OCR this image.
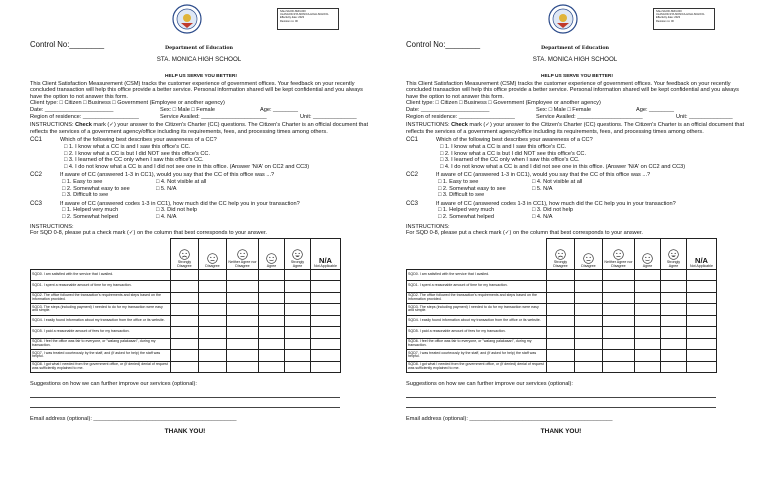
SAH-SGOD-SMN-000
ULASGOD-STA.MONICA-HIGH-SCHOOL
Effectivity date: 2023
Revision no: 00
Control No:________	Department of Education
STA. MONICA HIGH SCHOOL
HELP US SERVE YOU BETTER!

This Client Satisfaction Measurement (CSM) tracks the customer experience of government offices. Your feedback on your recently concluded transaction will help this office provide a better service. Personal information shared will be kept confidential and you always have the option to not answer this form.

Client type: □ Citizen □ Business □ Government (Employee or another agency)
Date: ______________________	Sex: □ Male □ Female	Age: ________
Region of residence: __________________	Service Availed: _____________________	Unit: ______________

INSTRUCTIONS: Check mark (✓) your answer to the Citizen's Charter (CC) questions. The Citizen's Charter is an official document that reflects the services of a government agency/office including its requirements, fees, and processing times among others.

CC1	Which of the following best describes your awareness of a CC?
□ 1. I know what a CC is and I saw this office's CC.
□ 2. I know what a CC is but I did NOT see this office's CC.
□ 3. I learned of the CC only when I saw this office's CC.
□ 4. I do not know what a CC is and I did not see one in this office. (Answer 'N/A' on CC2 and CC3)
CC2	If aware of CC (answered 1-3 in CC1), would you say that the CC of this office was ...?
□ 1. Easy to see	□ 4. Not visible at all
□ 2. Somewhat easy to see	□ 5. N/A
□ 3. Difficult to see
CC3	If aware of CC (answered codes 1-3 in CC1), how much did the CC help you in your transaction?
□ 1. Helped very much	□ 3. Did not help
□ 2. Somewhat helped	□ 4. N/A
INSTRUCTIONS:
For SQD 0-8, please put a check mark (✓) on the column that best corresponds to your answer.

Strongly Disagree	Disagree	Neither Agree nor Disagree	Agree	Strongly Agree	N/A
Not Applicable
SQD0. I am satisfied with the service that I availed.						
SQD1. I spent a reasonable amount of time for my transaction.						
SQD2. The office followed the transaction's requirements and steps based on the information provided.						
SQD3. The steps (including payment) I needed to do for my transaction were easy and simple.						
SQD4. I easily found information about my transaction from the office or its website.						
SQD5. I paid a reasonable amount of fees for my transaction.						
SQD6. I feel the office was fair to everyone, or "walang palakasan", during my transaction.						
SQD7. I was treated courteously by the staff, and (if asked for help) the staff was helpful.						
SQD8. I got what I needed from the government office, or (if denied) denial of request was sufficiently explained to me.						
Suggestions on how we can further improve our services (optional):
Email address (optional): ______________________________________________
THANK YOU!
SAH-SGOD-SMN-000
ULASGOD-STA.MONICA-HIGH-SCHOOL
Effectivity date: 2023
Revision no: 00
Control No:________	Department of Education
STA. MONICA HIGH SCHOOL
HELP US SERVE YOU BETTER!

This Client Satisfaction Measurement (CSM) tracks the customer experience of government offices. Your feedback on your recently concluded transaction will help this office provide a better service. Personal information shared will be kept confidential and you always have the option to not answer this form.

Client type: □ Citizen □ Business □ Government (Employee or another agency)
Date: ______________________	Sex: □ Male □ Female	Age: ________
Region of residence: __________________	Service Availed: _____________________	Unit: ______________

INSTRUCTIONS: Check mark (✓) your answer to the Citizen's Charter (CC) questions. The Citizen's Charter is an official document that reflects the services of a government agency/office including its requirements, fees, and processing times among others.

CC1	Which of the following best describes your awareness of a CC?
□ 1. I know what a CC is and I saw this office's CC.
□ 2. I know what a CC is but I did NOT see this office's CC.
□ 3. I learned of the CC only when I saw this office's CC.
□ 4. I do not know what a CC is and I did not see one in this office. (Answer 'N/A' on CC2 and CC3)
CC2	If aware of CC (answered 1-3 in CC1), would you say that the CC of this office was ...?
□ 1. Easy to see	□ 4. Not visible at all
□ 2. Somewhat easy to see	□ 5. N/A
□ 3. Difficult to see
CC3	If aware of CC (answered codes 1-3 in CC1), how much did the CC help you in your transaction?
□ 1. Helped very much	□ 3. Did not help
□ 2. Somewhat helped	□ 4. N/A
INSTRUCTIONS:
For SQD 0-8, please put a check mark (✓) on the column that best corresponds to your answer.

Strongly Disagree	Disagree	Neither Agree nor Disagree	Agree	Strongly Agree	N/A
Not Applicable
SQD0. I am satisfied with the service that I availed.						
SQD1. I spent a reasonable amount of time for my transaction.						
SQD2. The office followed the transaction's requirements and steps based on the information provided.						
SQD3. The steps (including payment) I needed to do for my transaction were easy and simple.						
SQD4. I easily found information about my transaction from the office or its website.						
SQD5. I paid a reasonable amount of fees for my transaction.						
SQD6. I feel the office was fair to everyone, or "walang palakasan", during my transaction.						
SQD7. I was treated courteously by the staff, and (if asked for help) the staff was helpful.						
SQD8. I got what I needed from the government office, or (if denied) denial of request was sufficiently explained to me.						
Suggestions on how we can further improve our services (optional):
Email address (optional): ______________________________________________
THANK YOU!
